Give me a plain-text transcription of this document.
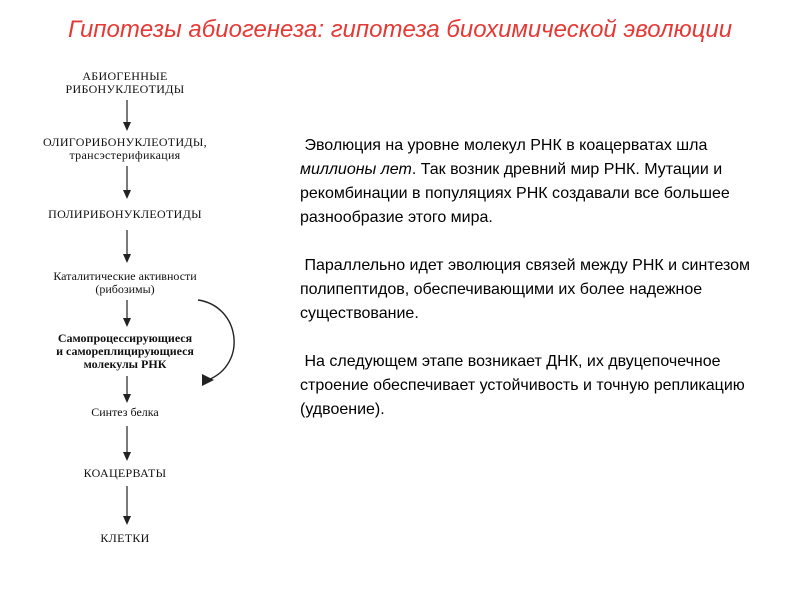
Гипотезы абиогенеза: гипотеза биохимической эволюции
АБИОГЕННЫЕ
РИБОНУКЛЕОТИДЫ
ОЛИГОРИБОНУКЛЕОТИДЫ,
трансэстерификация
ПОЛИРИБОНУКЛЕОТИДЫ
Каталитические активности
(рибозимы)
Самопроцессирующиеся
и самореплицирующиеся
молекулы РНК
Синтез белка
КОАЦЕРВАТЫ
КЛЕТКИ

Эволюция на уровне молекул РНК в коацерватах шла миллионы лет. Так возник древний мир РНК. Мутации и рекомбинации в популяциях РНК создавали все большее разнообразие этого мира.

Параллельно идет эволюция связей между РНК и синтезом полипептидов, обеспечивающими их более надежное существование.

На следующем этапе возникает ДНК, их двуцепочечное строение обеспечивает устойчивость и точную репликацию (удвоение).
